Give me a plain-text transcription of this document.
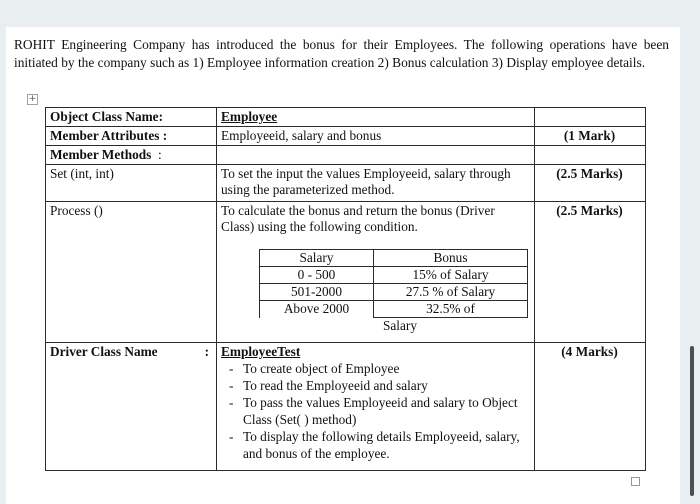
ROHIT Engineering Company has introduced the bonus for their Employees. The following operations have been initiated by the company such as 1) Employee information creation 2) Bonus calculation 3) Display employee details.

+
Object Class Name:	Employee	
Member Attributes :	Employeeid, salary and bonus	(1 Mark)
Member Methods :		
Set (int, int)	To set the input the values Employeeid, salary through using the parameterized method.	(2.5 Marks)
Process ()	To calculate the bonus and return the bonus (Driver Class) using the following condition.
Salary	Bonus
0 - 500	15% of Salary
501-2000	27.5 % of Salary
Above 2000	32.5% of
Salary
	(2.5 Marks)
Driver Class Name	:	EmployeeTest
- To create object of Employee
- To read the Employeeid and salary
- To pass the values Employeeid and salary to Object Class (Set( ) method)
- To display the following details Employeeid, salary, and bonus of the employee.
	(4 Marks)
